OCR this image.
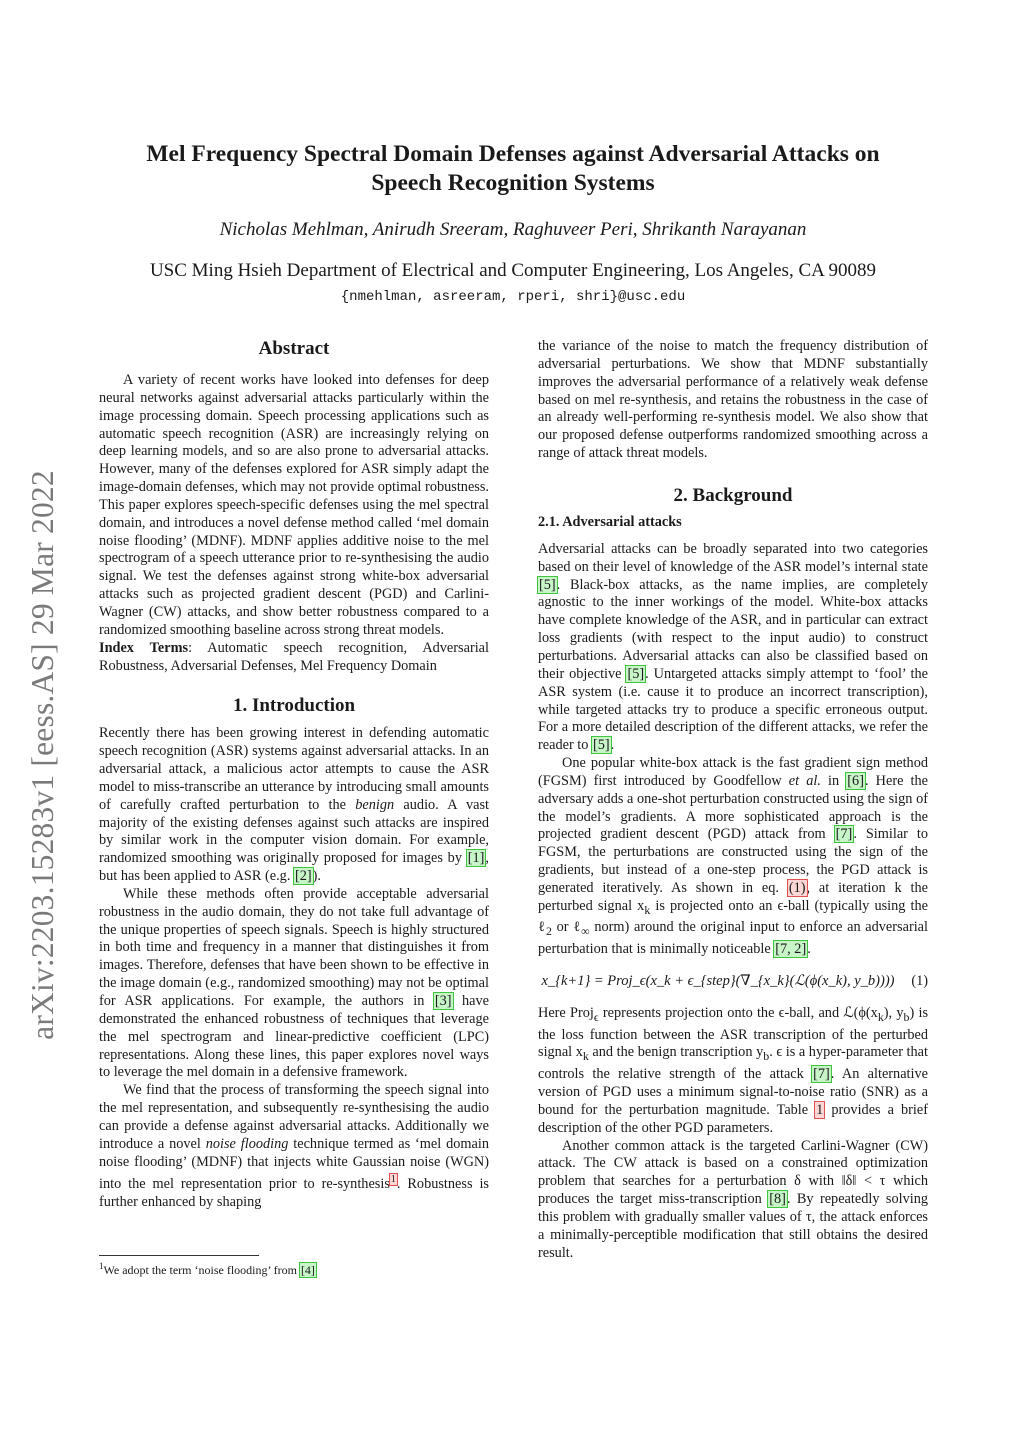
arXiv:2203.15283v1 [eess.AS] 29 Mar 2022
Mel Frequency Spectral Domain Defenses against Adversarial Attacks on
Speech Recognition Systems

Nicholas Mehlman, Anirudh Sreeram, Raghuveer Peri, Shrikanth Narayanan

USC Ming Hsieh Department of Electrical and Computer Engineering, Los Angeles, CA 90089

{nmehlman, asreeram, rperi, shri}@usc.edu

Abstract

A variety of recent works have looked into defenses for deep neural networks against adversarial attacks particularly within the image processing domain. Speech processing applications such as automatic speech recognition (ASR) are increasingly relying on deep learning models, and so are also prone to adversarial attacks. However, many of the defenses explored for ASR simply adapt the image-domain defenses, which may not provide optimal robustness. This paper explores speech-specific defenses using the mel spectral domain, and introduces a novel defense method called ‘mel domain noise flooding’ (MDNF). MDNF applies additive noise to the mel spectrogram of a speech utterance prior to re-synthesising the audio signal. We test the defenses against strong white-box adversarial attacks such as projected gradient descent (PGD) and Carlini-Wagner (CW) attacks, and show better robustness compared to a randomized smoothing baseline across strong threat models.

Index Terms: Automatic speech recognition, Adversarial Robustness, Adversarial Defenses, Mel Frequency Domain

1. Introduction

Recently there has been growing interest in defending automatic speech recognition (ASR) systems against adversarial attacks. In an adversarial attack, a malicious actor attempts to cause the ASR model to miss-transcribe an utterance by introducing small amounts of carefully crafted perturbation to the benign audio. A vast majority of the existing defenses against such attacks are inspired by similar work in the computer vision domain. For example, randomized smoothing was originally proposed for images by [1], but has been applied to ASR (e.g. [2]).

While these methods often provide acceptable adversarial robustness in the audio domain, they do not take full advantage of the unique properties of speech signals. Speech is highly structured in both time and frequency in a manner that distinguishes it from images. Therefore, defenses that have been shown to be effective in the image domain (e.g., randomized smoothing) may not be optimal for ASR applications. For example, the authors in [3] have demonstrated the enhanced robustness of techniques that leverage the mel spectrogram and linear-predictive coefficient (LPC) representations. Along these lines, this paper explores novel ways to leverage the mel domain in a defensive framework.

We find that the process of transforming the speech signal into the mel representation, and subsequently re-synthesising the audio can provide a defense against adversarial attacks. Additionally we introduce a novel noise flooding technique termed as ‘mel domain noise flooding’ (MDNF) that injects white Gaussian noise (WGN) into the mel representation prior to re-synthesis$^1$. Robustness is further enhanced by shaping

$^1$We adopt the term ‘noise flooding’ from [4]

the variance of the noise to match the frequency distribution of adversarial perturbations. We show that MDNF substantially improves the adversarial performance of a relatively weak defense based on mel re-synthesis, and retains the robustness in the case of an already well-performing re-synthesis model. We also show that our proposed defense outperforms randomized smoothing across a range of attack threat models.

2. Background
2.1. Adversarial attacks

Adversarial attacks can be broadly separated into two categories based on their level of knowledge of the ASR model’s internal state [5]. Black-box attacks, as the name implies, are completely agnostic to the inner workings of the model. White-box attacks have complete knowledge of the ASR, and in particular can extract loss gradients (with respect to the input audio) to construct perturbations. Adversarial attacks can also be classified based on their objective [5]. Untargeted attacks simply attempt to ‘fool’ the ASR system (i.e. cause it to produce an incorrect transcription), while targeted attacks try to produce a specific erroneous output. For a more detailed description of the different attacks, we refer the reader to [5].

One popular white-box attack is the fast gradient sign method (FGSM) first introduced by Goodfellow et al. in [6]. Here the adversary adds a one-shot perturbation constructed using the sign of the model’s gradients. A more sophisticated approach is the projected gradient descent (PGD) attack from [7]. Similar to FGSM, the perturbations are constructed using the sign of the gradients, but instead of a one-step process, the PGD attack is generated iteratively. As shown in eq. (1), at iteration k the perturbed signal $x_k$ is projected onto an ϵ-ball (typically using the ℓ$_2$ or ℓ$_\infty$ norm) around the original input to enforce an adversarial perturbation that is minimally noticeable [7, 2].

x_{k+1} = Proj_ϵ(x_k + ϵ_{step}(∇_{x_k}(ℒ(ϕ(x_k), y_b))))	(1)

Here Proj$_\epsilon$ represents projection onto the ϵ-ball, and $ℒ(\phi(x_k)$, $y_b$) is the loss function between the ASR transcription of the perturbed signal $x_k$ and the benign transcription $y_b$. ϵ is a hyper-parameter that controls the relative strength of the attack [7]. An alternative version of PGD uses a minimum signal-to-noise ratio (SNR) as a bound for the perturbation magnitude. Table 1 provides a brief description of the other PGD parameters.

Another common attack is the targeted Carlini-Wagner (CW) attack. The CW attack is based on a constrained optimization problem that searches for a perturbation δ with ‖δ‖ < τ which produces the target miss-transcription [8]. By repeatedly solving this problem with gradually smaller values of τ, the attack enforces a minimally-perceptible modification that still obtains the desired result.
